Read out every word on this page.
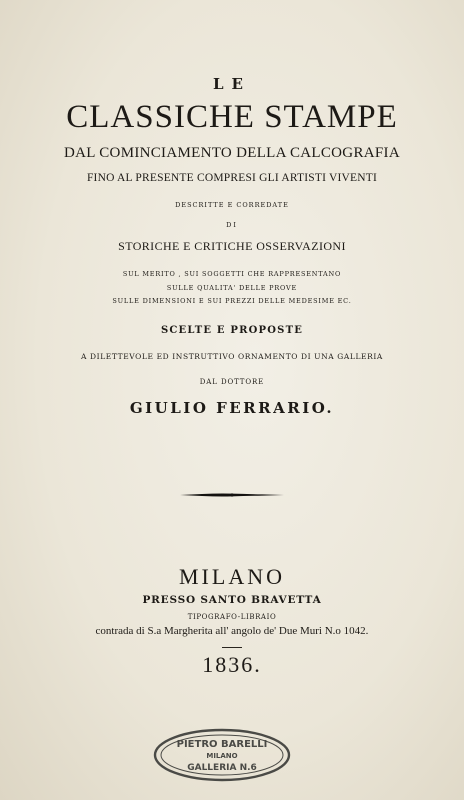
LE
CLASSICHE STAMPE
DAL COMINCIAMENTO DELLA CALCOGRAFIA
FINO AL PRESENTE COMPRESI GLI ARTISTI VIVENTI
DESCRITTE E CORREDATE
DI
STORICHE E CRITICHE OSSERVAZIONI
SUL MERITO , SUI SOGGETTI CHE RAPPRESENTANO
SULLE QUALITA' DELLE PROVE
SULLE DIMENSIONI E SUI PREZZI DELLE MEDESIME EC.
SCELTE E PROPOSTE
A DILETTEVOLE ED INSTRUTTIVO ORNAMENTO DI UNA GALLERIA
DAL DOTTORE
GIULIO FERRARIO.
MILANO
PRESSO SANTO BRAVETTA
TIPOGRAFO-LIBRAIO
contrada di S.a Margherita all' angolo de' Due Muri N.o 1042.
1836.
PIETRO BARELLI
MILANO
GALLERIA N.6
